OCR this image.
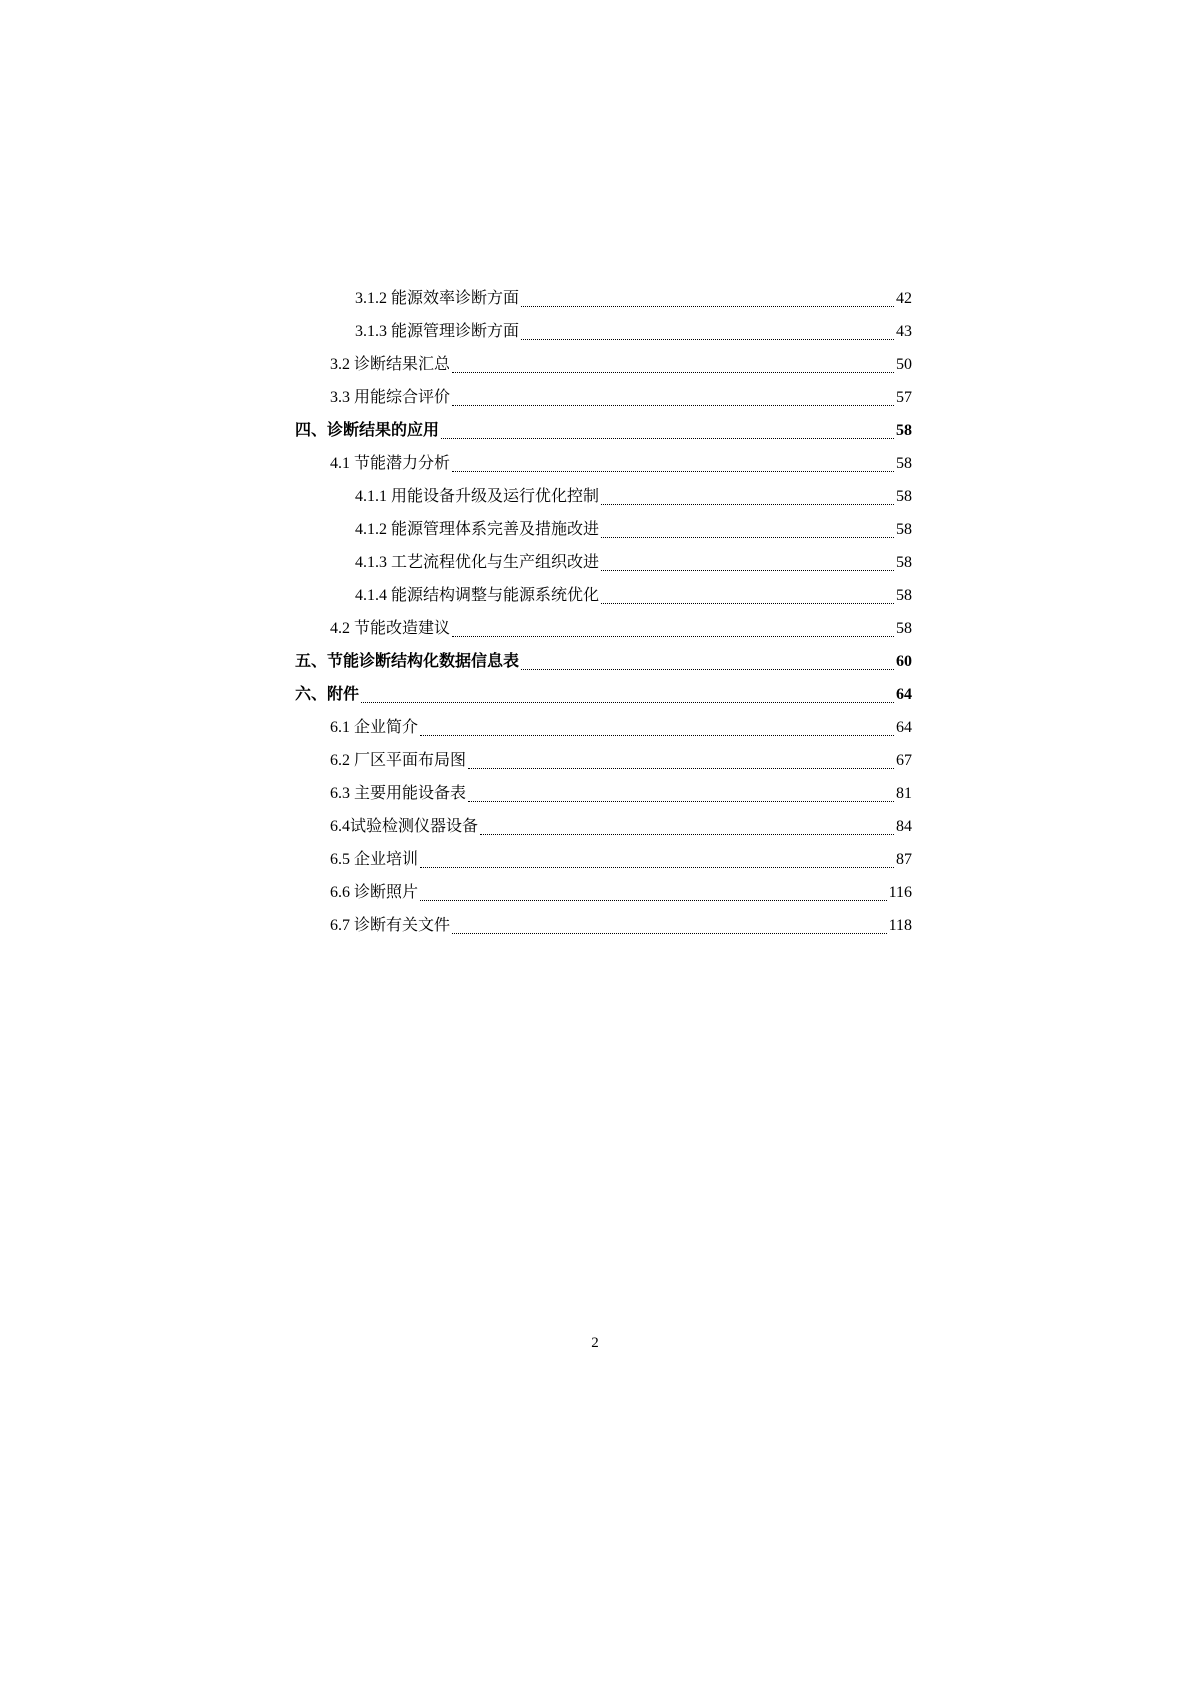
3.1.2 能源效率诊断方面	42
3.1.3 能源管理诊断方面	43
3.2 诊断结果汇总	50
3.3 用能综合评价	57
四、诊断结果的应用	58
4.1 节能潜力分析	58
4.1.1 用能设备升级及运行优化控制	58
4.1.2 能源管理体系完善及措施改进	58
4.1.3 工艺流程优化与生产组织改进	58
4.1.4 能源结构调整与能源系统优化	58
4.2 节能改造建议	58
五、节能诊断结构化数据信息表	60
六、附件	64
6.1 企业简介	64
6.2 厂区平面布局图	67
6.3 主要用能设备表	81
6.4试验检测仪器设备	84
6.5 企业培训	87
6.6 诊断照片	116
6.7 诊断有关文件	118
2
